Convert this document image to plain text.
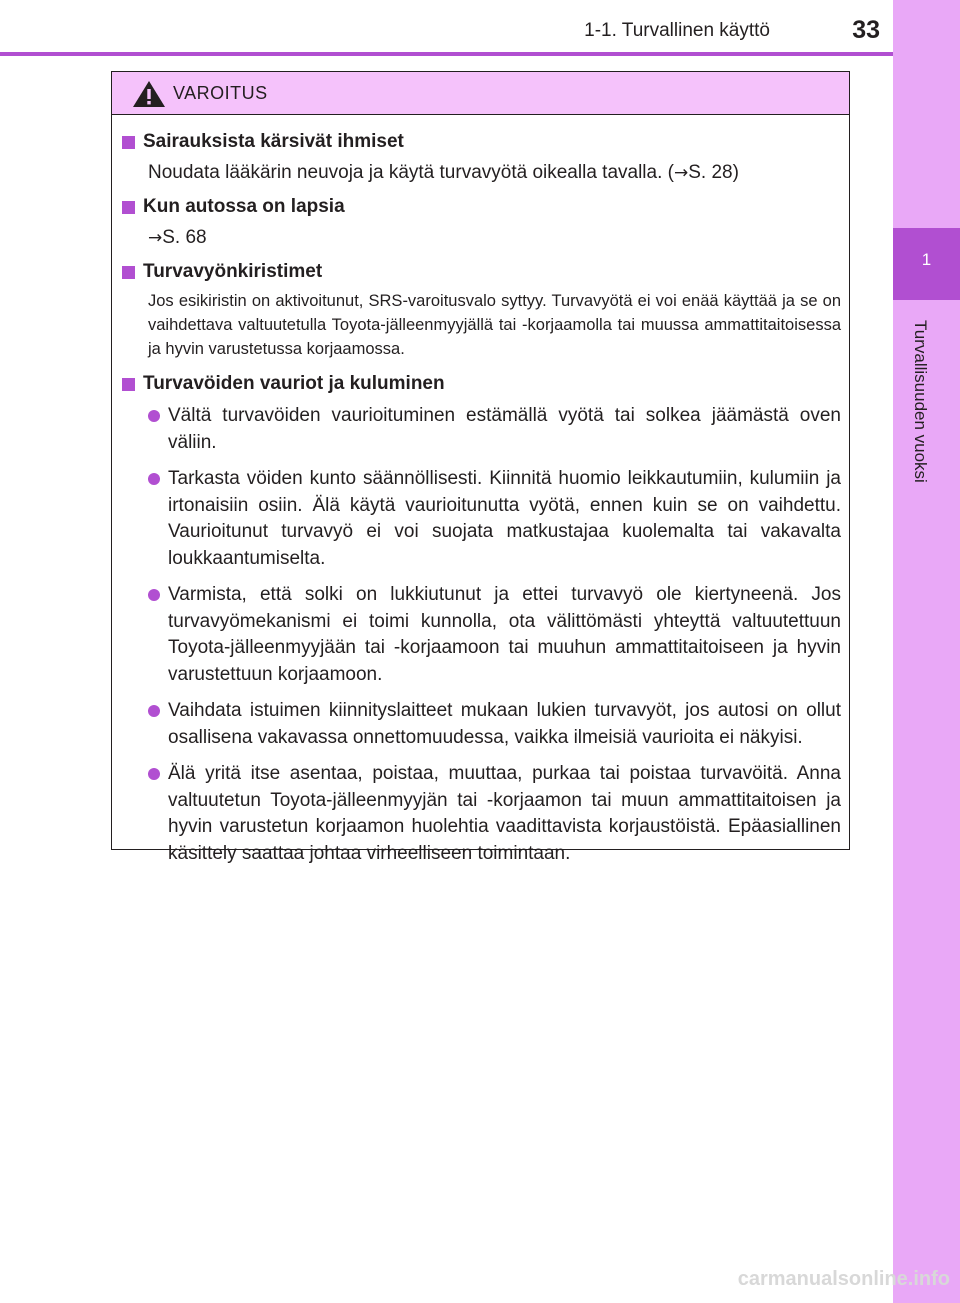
1-1. Turvallinen käyttö	33
1
Turvallisuuden vuoksi
VAROITUS
Sairauksista kärsivät ihmiset
Noudata lääkärin neuvoja ja käytä turvavyötä oikealla tavalla. (→S. 28)
Kun autossa on lapsia
→S. 68
Turvavyönkiristimet
Jos esikiristin on aktivoitunut, SRS-varoitusvalo syttyy. Turvavyötä ei voi enää käyttää ja se on vaihdettava valtuutetulla Toyota-jälleenmyyjällä tai -korjaamolla tai muussa ammattitaitoisessa ja hyvin varustetussa korjaamossa.
Turvavöiden vauriot ja kuluminen
Vältä turvavöiden vaurioituminen estämällä vyötä tai solkea jäämästä oven väliin.
Tarkasta vöiden kunto säännöllisesti. Kiinnitä huomio leikkautumiin, kulumiin ja irtonaisiin osiin. Älä käytä vaurioitunutta vyötä, ennen kuin se on vaihdettu. Vaurioitunut turvavyö ei voi suojata matkustajaa kuolemalta tai vakavalta loukkaantumiselta.
Varmista, että solki on lukkiutunut ja ettei turvavyö ole kiertyneenä. Jos turvavyömekanismi ei toimi kunnolla, ota välittömästi yhteyttä valtuutettuun Toyota-jälleenmyyjään tai -korjaamoon tai muuhun ammattitaitoiseen ja hyvin varustettuun korjaamoon.
Vaihdata istuimen kiinnityslaitteet mukaan lukien turvavyöt, jos autosi on ollut osallisena vakavassa onnettomuudessa, vaikka ilmeisiä vaurioita ei näkyisi.
Älä yritä itse asentaa, poistaa, muuttaa, purkaa tai poistaa turvavöitä. Anna valtuutetun Toyota-jälleenmyyjän tai -korjaamon tai muun ammattitaitoisen ja hyvin varustetun korjaamon huolehtia vaadittavista korjaustöistä. Epäasiallinen käsittely saattaa johtaa virheelliseen toimintaan.
carmanualsonline.info
